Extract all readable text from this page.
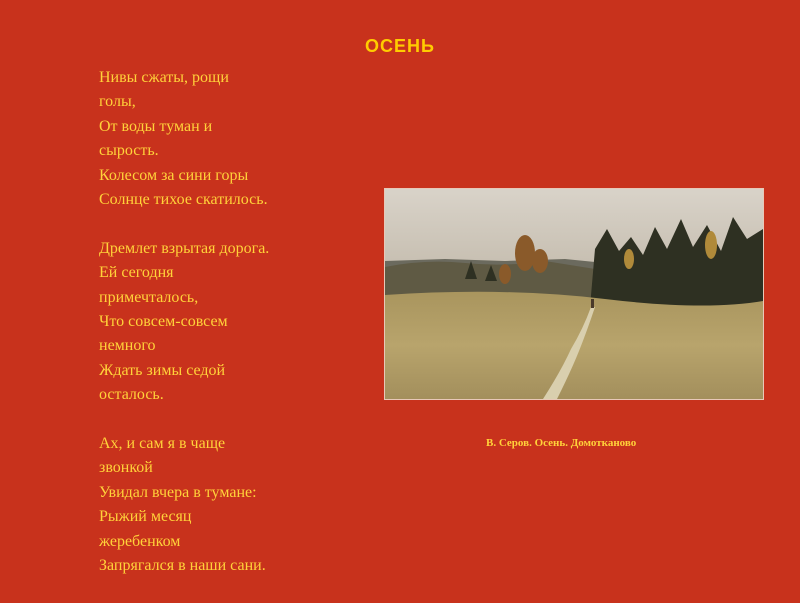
ОСЕНЬ
Нивы сжаты, рощи
голы,
От воды туман и
сырость.
Колесом за сини горы
Солнце тихое скатилось.
Дремлет взрытая дорога.
Ей сегодня
примечталось,
Что совсем-совсем
немного
Ждать зимы седой
осталось.
Ах, и сам я в чаще
звонкой
Увидал вчера в тумане:
Рыжий месяц
жеребенком
Запрягался в наши сани.
В. Серов. Осень. Домотканово
